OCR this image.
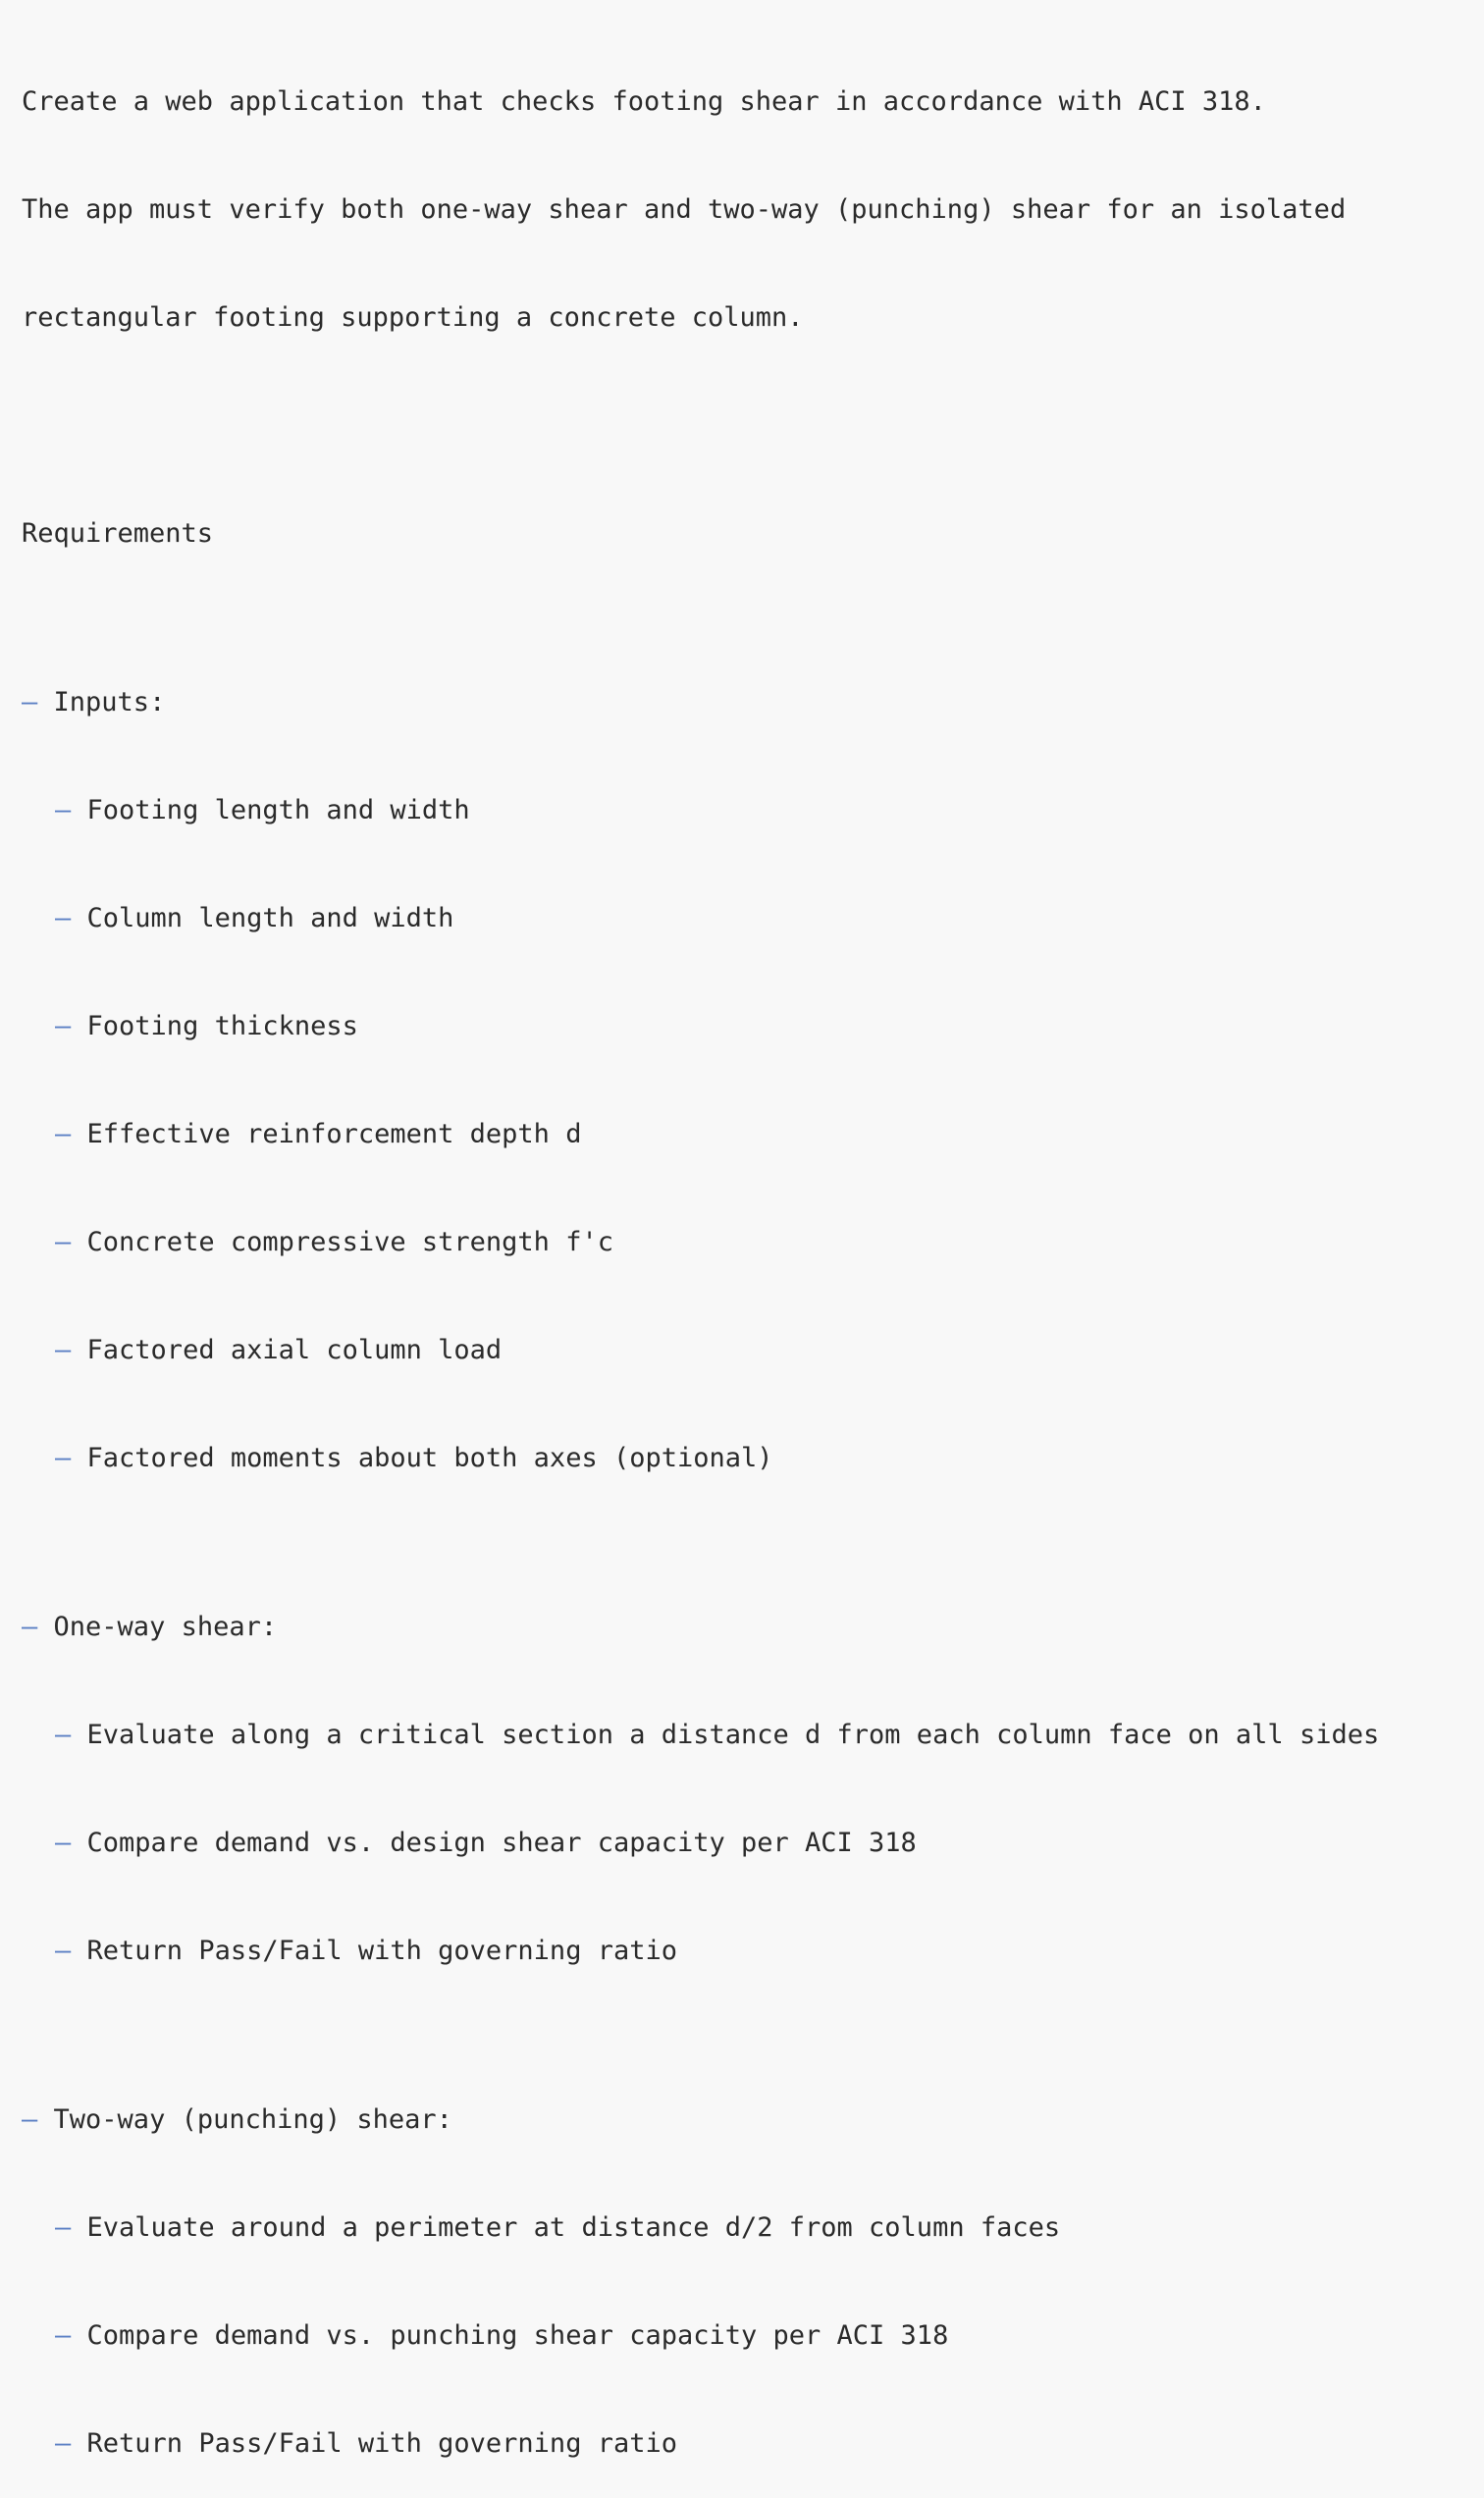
Create a web application that checks footing shear in accordance with ACI 318.

The app must verify both one-way shear and two-way (punching) shear for an isolated

rectangular footing supporting a concrete column.

Requirements

– Inputs:

– Footing length and width

– Column length and width

– Footing thickness

– Effective reinforcement depth d

– Concrete compressive strength f'c

– Factored axial column load

– Factored moments about both axes (optional)

– One-way shear:

– Evaluate along a critical section a distance d from each column face on all sides

– Compare demand vs. design shear capacity per ACI 318

– Return Pass/Fail with governing ratio

– Two-way (punching) shear:

– Evaluate around a perimeter at distance d/2 from column faces

– Compare demand vs. punching shear capacity per ACI 318

– Return Pass/Fail with governing ratio
